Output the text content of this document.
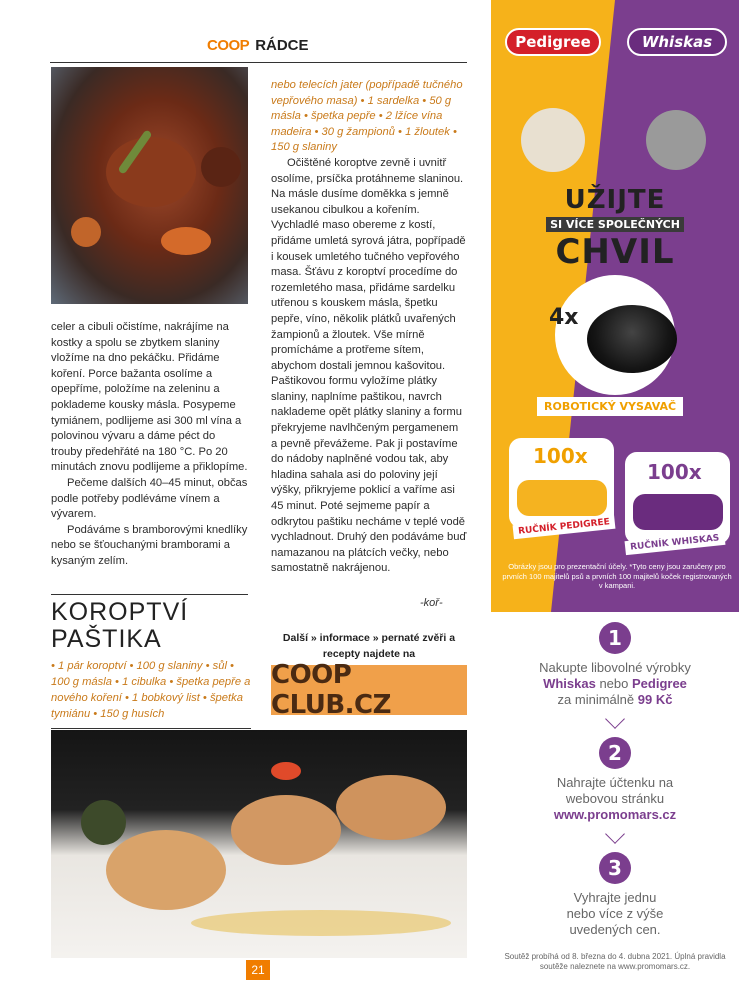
COOP RÁDCE

celer a cibuli očistíme, nakrájíme na kostky a spolu se zbytkem slaniny vložíme na dno pekáčku. Přidáme koření. Porce bažanta osolíme a opepříme, položíme na zeleninu a poklademe kousky másla. Posypeme tymiánem, podlijeme asi 300 ml vína a polovinou vývaru a dáme péct do trouby předehřáté na 180 °C. Po 20 minutách znovu podlijeme a přiklopíme.

Pečeme dalších 40–45 minut, občas podle potřeby podléváme vínem a vývarem.

Podáváme s bramborovými knedlíky nebo se šťouchanými bramborami a kysaným zelím.

KOROPTVÍ
PAŠTIKA
• 1 pár koroptví • 100 g slaniny • sůl • 100 g másla • 1 cibulka • špetka pepře a nového koření • 1 bobkový list • špetka tymiánu • 150 g husích

nebo telecích jater (popřípadě tučného vepřového masa) • 1 sardelka • 50 g másla • špetka pepře • 2 lžíce vína madeira • 30 g žampionů • 1 žloutek • 150 g slaniny

Očištěné koroptve zevně i uvnitř osolíme, prsíčka protáhneme slaninou. Na másle dusíme doměkka s jemně usekanou cibulkou a kořením. Vychladlé maso obereme z kostí, přidáme umletá syrová játra, popřípadě i kousek umletého tučného vepřového masa. Šťávu z koroptví procedíme do rozemletého masa, přidáme sardelku utřenou s kouskem másla, špetku pepře, víno, několik plátků uvařených žampionů a žloutek. Vše mírně promícháme a protřeme sítem, abychom dostali jemnou kašovitou. Paštikovou formu vyložíme plátky slaniny, naplníme paštikou, navrch naklademe opět plátky slaniny a formu překryjeme navlhčeným pergamenem a pevně převážeme. Pak ji postavíme do nádoby naplněné vodou tak, aby hladina sahala asi do poloviny její výšky, přikryjeme poklicí a vaříme asi 45 minut. Poté sejmeme papír a odkrytou paštiku necháme v teplé vodě vychladnout. Druhý den podáváme buď namazanou na plátcích večky, nebo samostatně nakrájenou.

-koř-
Další » informace » pernaté zvěři a recepty najdete na
COOP CLUB.CZ
21
Pedigree	Whiskas
UŽIJTE
SI VÍCE SPOLEČNÝCH
CHVIL
4x
ROBOTICKÝ VYSAVAČ
100x
RUČNÍK PEDIGREE
100x
RUČNÍK WHISKAS
Obrázky jsou pro prezentační účely. *Tyto ceny jsou zaručeny pro prvních 100 majitelů psů a prvních 100 majitelů koček registrovaných v kampani.
1
Nakupte libovolné výrobky
Whiskas nebo Pedigree
za minimálně 99 Kč
2
Nahrajte účtenku na
webovou stránku
www.promomars.cz
3
Vyhrajte jednu
nebo více z výše
uvedených cen.
Soutěž probíhá od 8. března do 4. dubna 2021. Úplná pravidla soutěže naleznete na www.promomars.cz.
